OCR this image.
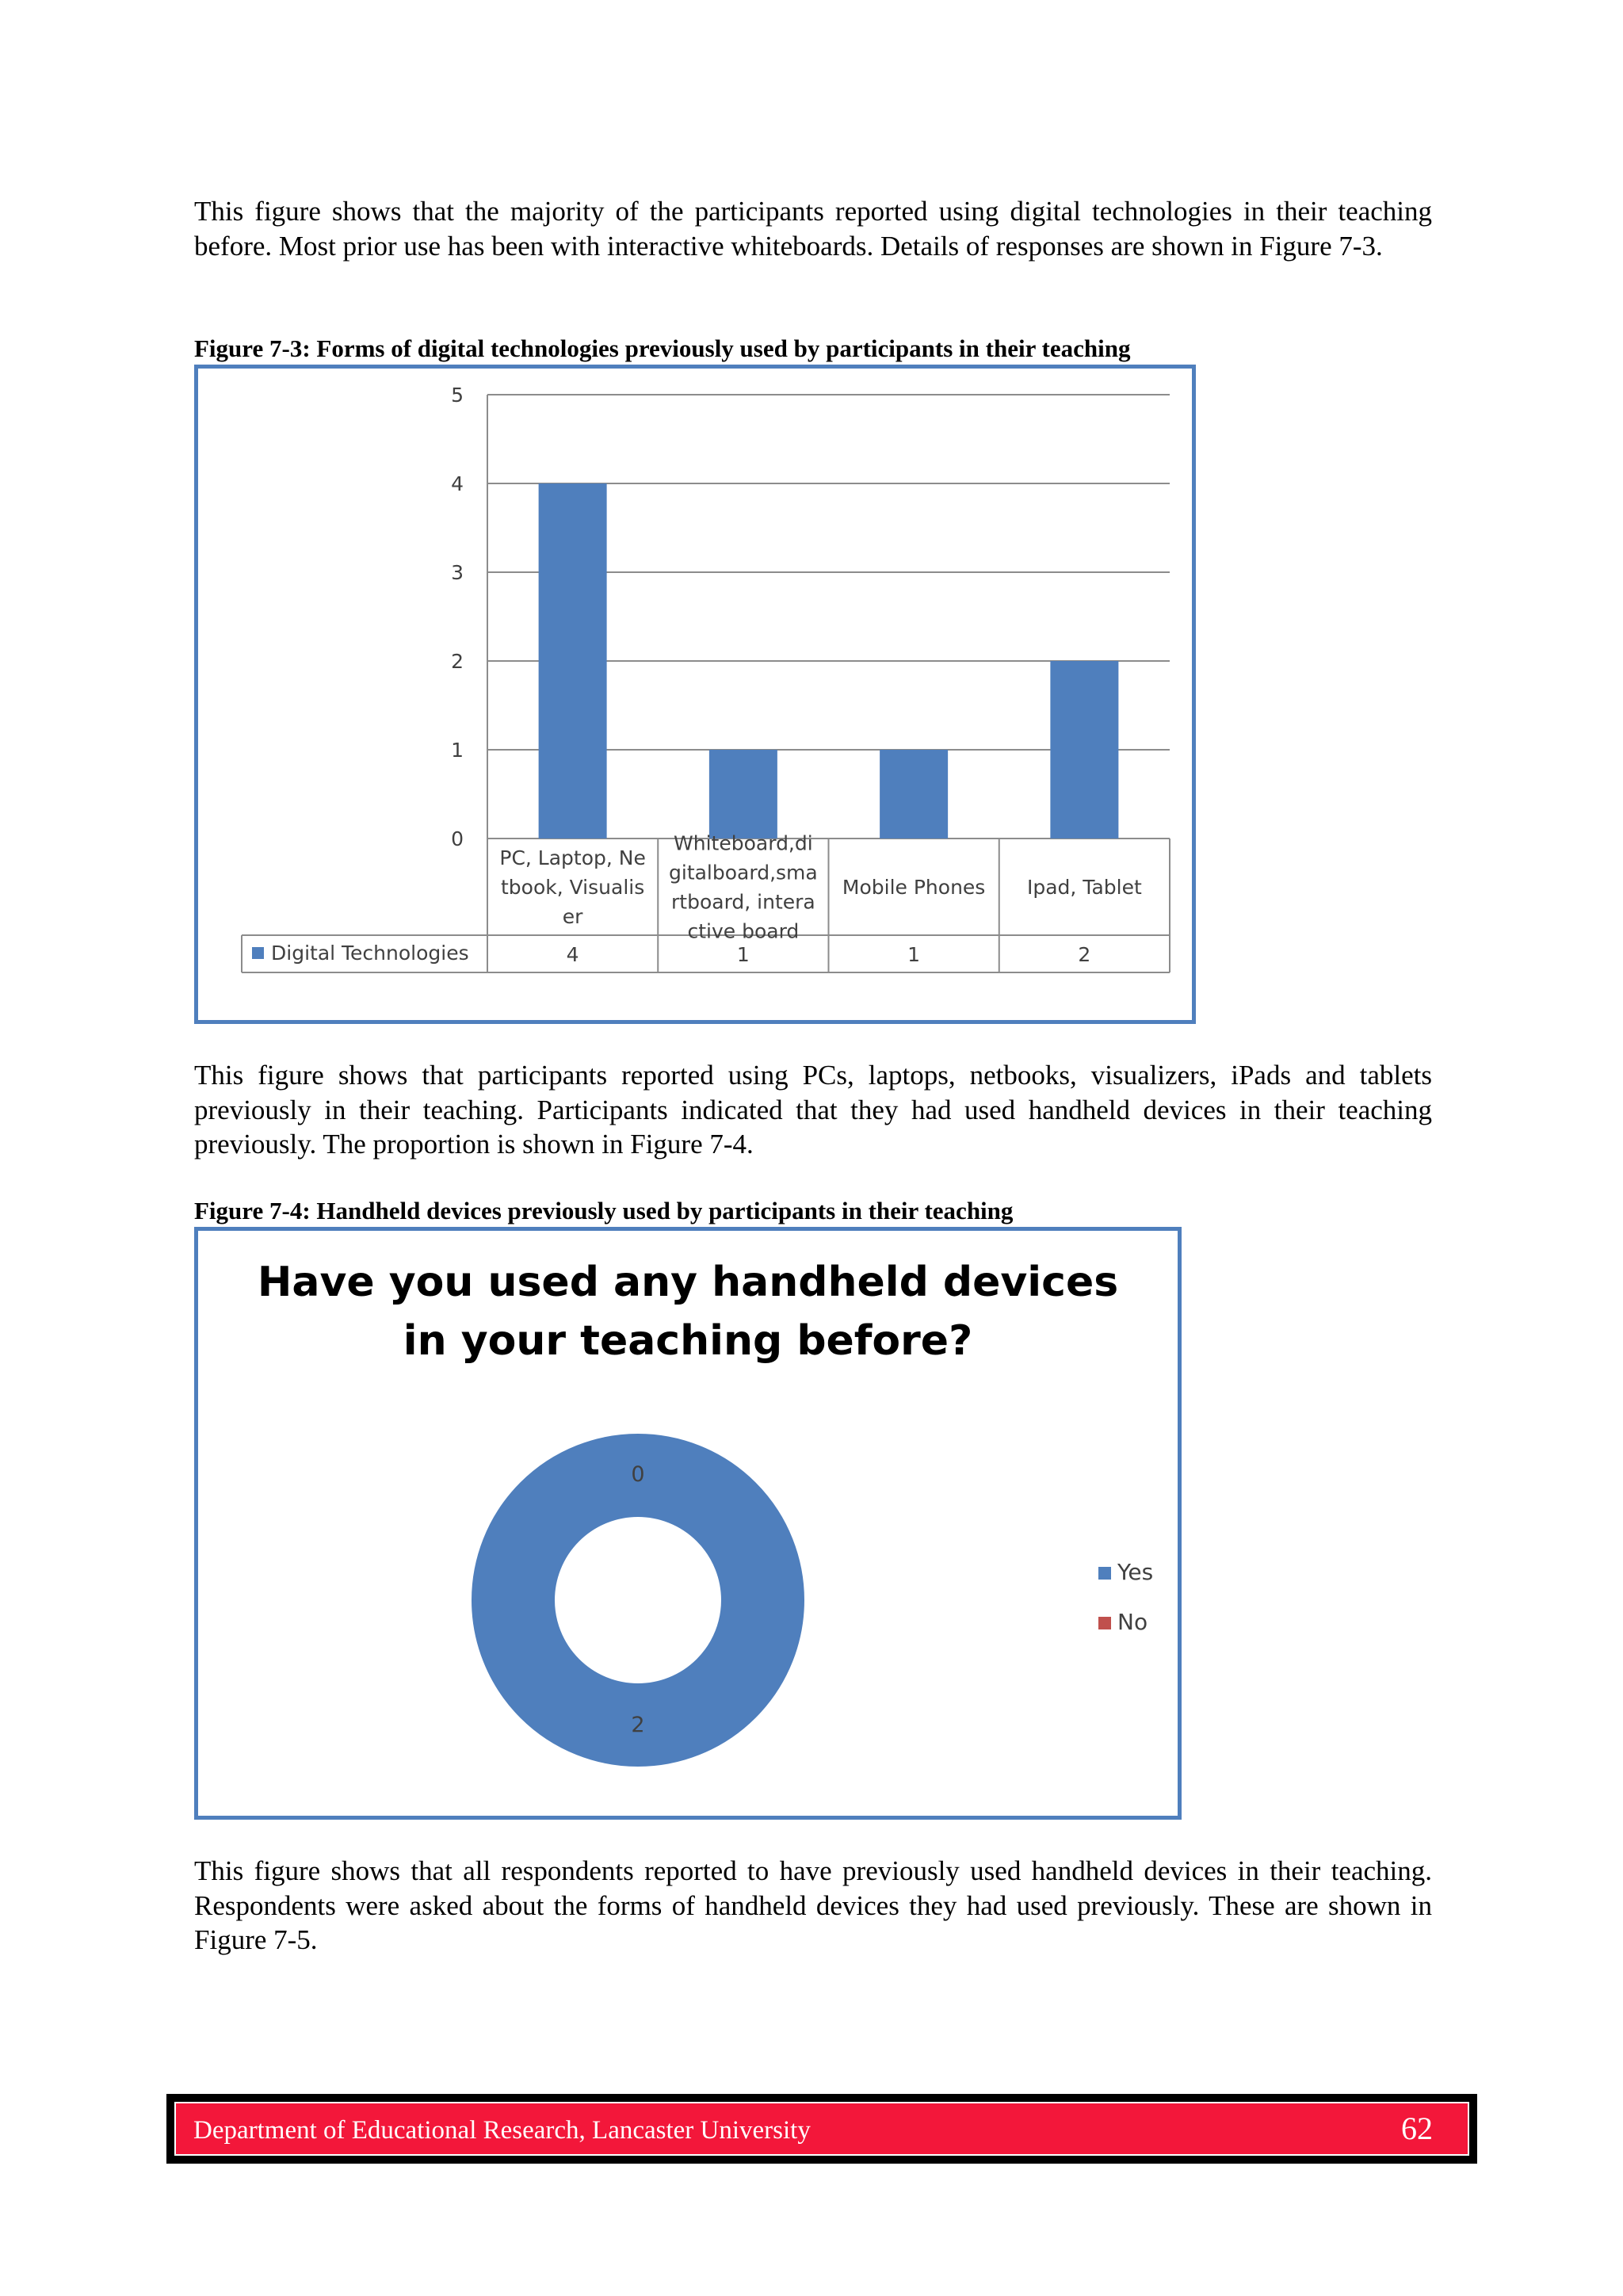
This figure shows that the majority of the participants reported using digital technologies in their teaching before. Most prior use has been with interactive whiteboards. Details of responses are shown in Figure 7-3.

Figure 7-3: Forms of digital technologies previously used by participants in their teaching

0
1
2
3
4
5
PC, Laptop, Ne
tbook, Visualis
er
4
Whiteboard,di
gitalboard,sma
rtboard, intera
ctive board
1
Mobile Phones
1
Ipad, Tablet
2
Digital Technologies

This figure shows that participants reported using PCs, laptops, netbooks, visualizers, iPads and tablets previously in their teaching. Participants indicated that they had used handheld devices in their teaching previously. The proportion is shown in Figure 7-4.

Figure 7-4: Handheld devices previously used by participants in their teaching

Have you used any handheld devices
in your teaching before?
2
0
Yes
No

This figure shows that all respondents reported to have previously used handheld devices in their teaching. Respondents were asked about the forms of handheld devices they had used previously. These are shown in Figure 7-5.

Department of Educational Research, Lancaster University	62
